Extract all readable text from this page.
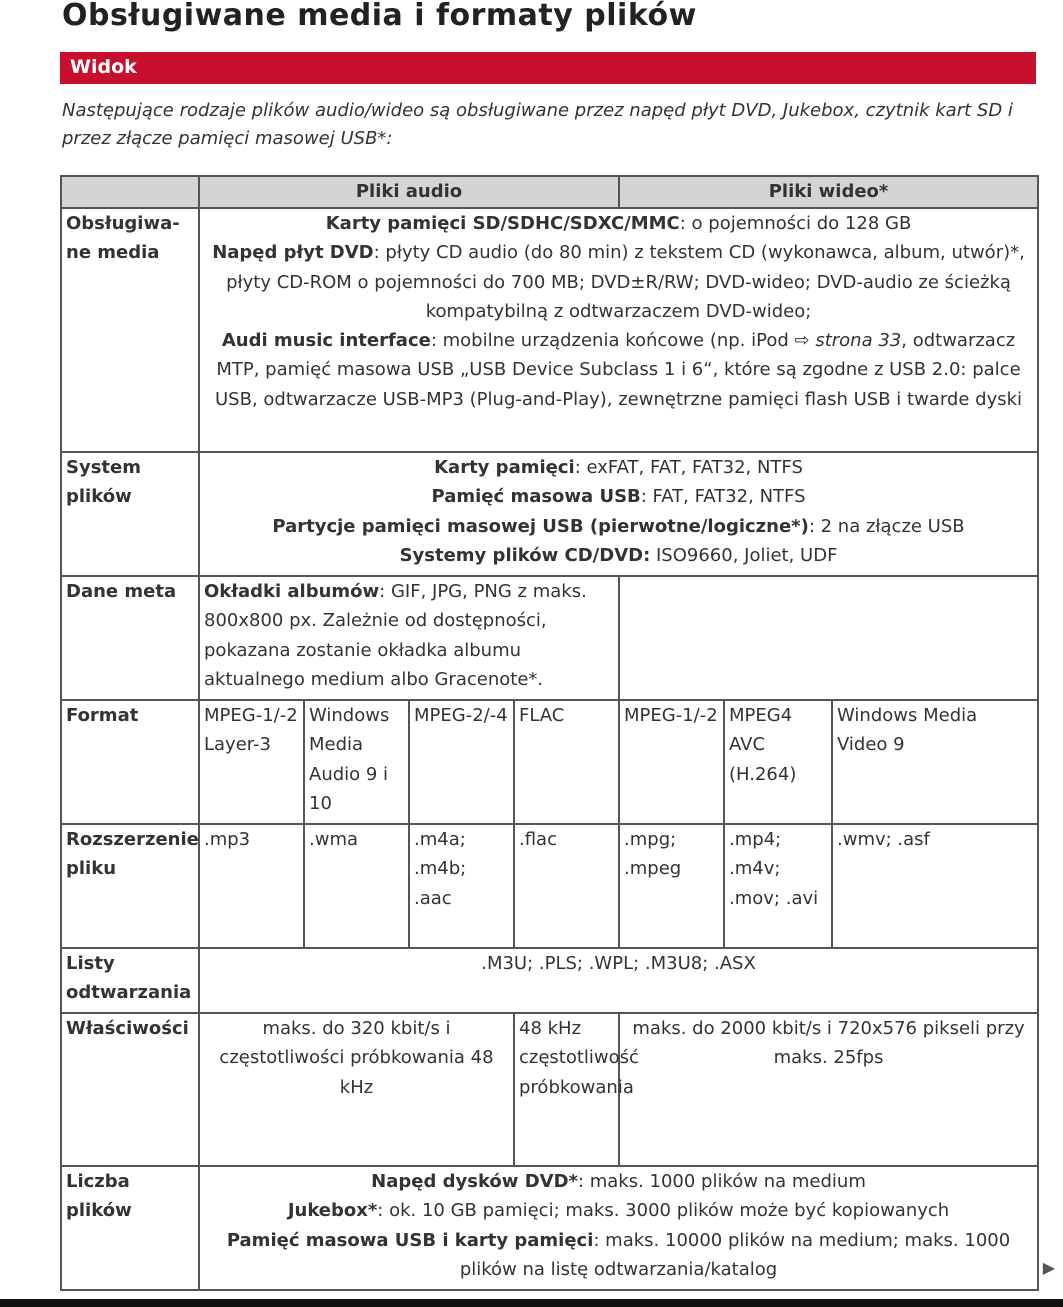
Obsługiwane media i formaty plików
Widok

Następujące rodzaje plików audio/wideo są obsługiwane przez napęd płyt DVD, Jukebox, czytnik kart SD i przez złącze pamięci masowej USB*:

	Pliki audio				Pliki wideo*		
Obsługiwa-ne media	Karty pamięci SD/SDHC/SDXC/MMC: o pojemności do 128 GB
Napęd płyt DVD: płyty CD audio (do 80 min) z tekstem CD (wykonawca, album, utwór)*, płyty CD-ROM o pojemności do 700 MB; DVD±R/RW; DVD-wideo; DVD-audio ze ścieżką kompatybilną z odtwarzaczem DVD-wideo;
Audi music interface: mobilne urządzenia końcowe (np. iPod ⇨ strona 33, odtwarzacz MTP, pamięć masowa USB „USB Device Subclass 1 i 6“, które są zgodne z USB 2.0: palce USB, odtwarzacze USB-MP3 (Plug-and-Play), zewnętrzne pamięci flash USB i twarde dyski						
System plików	Karty pamięci: exFAT, FAT, FAT32, NTFS
Pamięć masowa USB: FAT, FAT32, NTFS
Partycje pamięci masowej USB (pierwotne/logiczne*): 2 na złącze USB
Systemy plików CD/DVD: ISO9660, Joliet, UDF						
Dane meta	Okładki albumów: GIF, JPG, PNG z maks. 800x800 px. Zależnie od dostępności, pokazana zostanie okładka albumu aktualnego medium albo Gracenote*.						
Format	MPEG-1/-2 Layer-3	Windows Media Audio 9 i 10	MPEG-2/-4	FLAC	MPEG-1/-2	MPEG4 AVC (H.264)	Windows Media Video 9
Rozszerzenie pliku	.mp3	.wma	.m4a; .m4b; .aac	.flac	.mpg; .mpeg	.mp4; .m4v; .mov; .avi	.wmv; .asf
Listy odtwarzania	.M3U; .PLS; .WPL; .M3U8; .ASX						
Właściwości	maks. do 320 kbit/s i częstotliwości próbkowania 48 kHz			48 kHz częstotliwość próbkowania	maks. do 2000 kbit/s i 720x576 pikseli przy maks. 25fps		
Liczba plików	Napęd dysków DVD*: maks. 1000 plików na medium
Jukebox*: ok. 10 GB pamięci; maks. 3000 plików może być kopiowanych
Pamięć masowa USB i karty pamięci: maks. 10000 plików na medium; maks. 1000 plików na listę odtwarzania/katalog							▶
